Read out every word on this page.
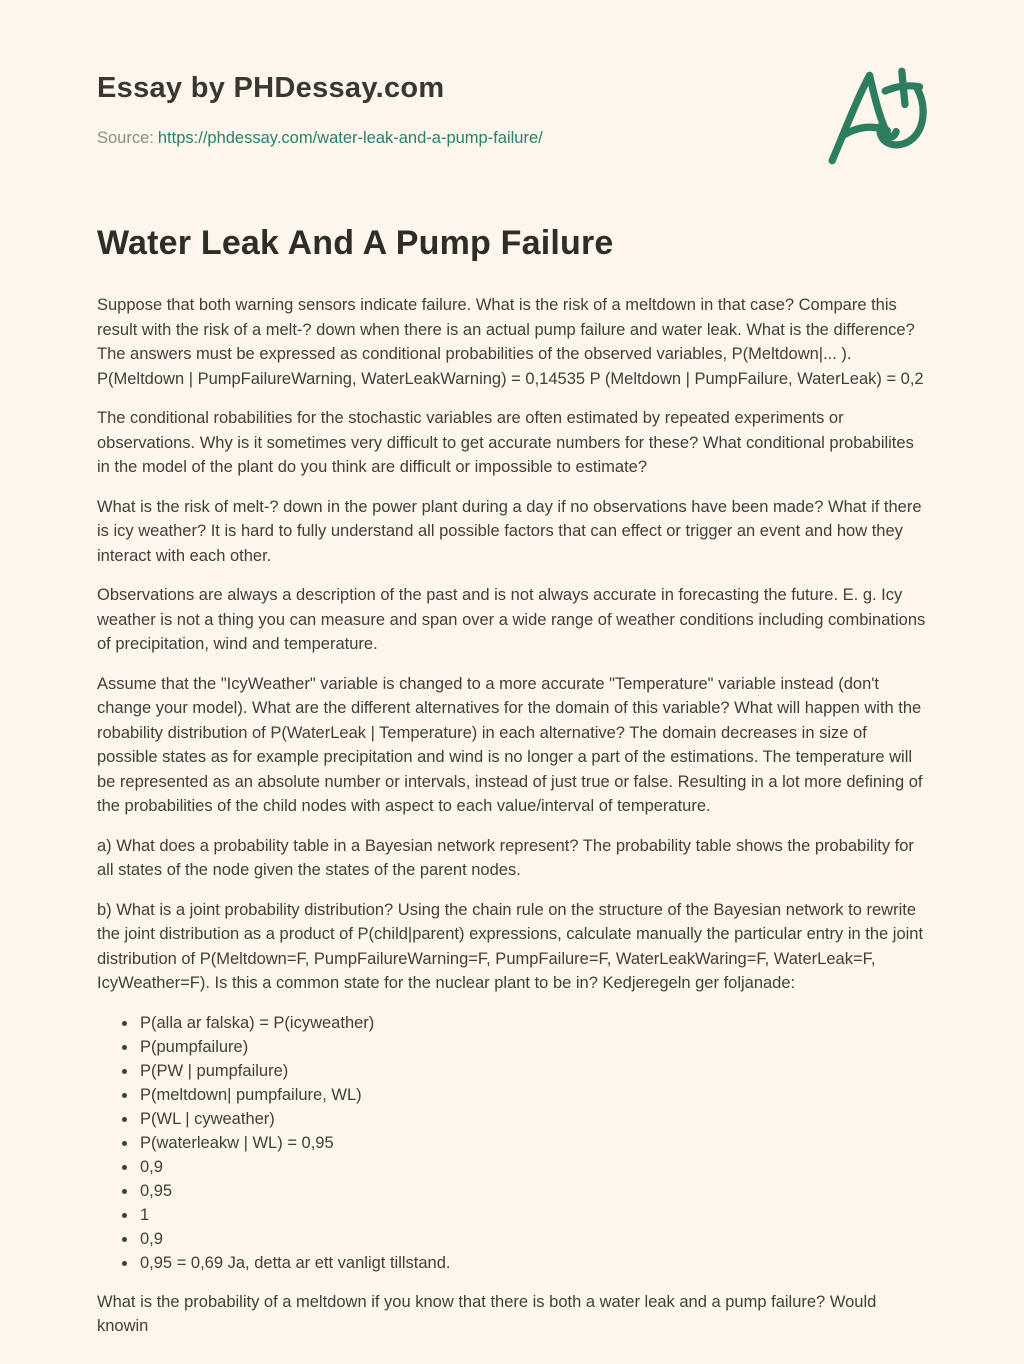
Essay by PHDessay.com

Source: https://phdessay.com/water-leak-and-a-pump-failure/

Water Leak And A Pump Failure

Suppose that both warning sensors indicate failure. What is the risk of a meltdown in that case? Compare this result with the risk of a melt-? down when there is an actual pump failure and water leak. What is the difference? The answers must be expressed as conditional probabilities of the observed variables, P(Meltdown|... ). P(Meltdown | PumpFailureWarning, WaterLeakWarning) = 0,14535 P (Meltdown | PumpFailure, WaterLeak) = 0,2

The conditional robabilities for the stochastic variables are often estimated by repeated experiments or observations. Why is it sometimes very difficult to get accurate numbers for these? What conditional probabilites in the model of the plant do you think are difficult or impossible to estimate?

What is the risk of melt-? down in the power plant during a day if no observations have been made? What if there is icy weather? It is hard to fully understand all possible factors that can effect or trigger an event and how they interact with each other.

Observations are always a description of the past and is not always accurate in forecasting the future. E. g. Icy weather is not a thing you can measure and span over a wide range of weather conditions including combinations of precipitation, wind and temperature.

Assume that the "IcyWeather" variable is changed to a more accurate "Temperature" variable instead (don't change your model). What are the different alternatives for the domain of this variable? What will happen with the robability distribution of P(WaterLeak | Temperature) in each alternative? The domain decreases in size of possible states as for example precipitation and wind is no longer a part of the estimations. The temperature will be represented as an absolute number or intervals, instead of just true or false. Resulting in a lot more defining of the probabilities of the child nodes with aspect to each value/interval of temperature.

a) What does a probability table in a Bayesian network represent? The probability table shows the probability for all states of the node given the states of the parent nodes.

b) What is a joint probability distribution? Using the chain rule on the structure of the Bayesian network to rewrite the joint distribution as a product of P(child|parent) expressions, calculate manually the particular entry in the joint distribution of P(Meltdown=F, PumpFailureWarning=F, PumpFailure=F, WaterLeakWaring=F, WaterLeak=F, IcyWeather=F). Is this a common state for the nuclear plant to be in? Kedjeregeln ger foljanade:

• P(alla ar falska) = P(icyweather)
• P(pumpfailure)
• P(PW | pumpfailure)
• P(meltdown| pumpfailure, WL)
• P(WL | cyweather)
• P(waterleakw | WL) = 0,95
• 0,9
• 0,95
• 1
• 0,9
• 0,95 = 0,69 Ja, detta ar ett vanligt tillstand.

What is the probability of a meltdown if you know that there is both a water leak and a pump failure? Would knowin
